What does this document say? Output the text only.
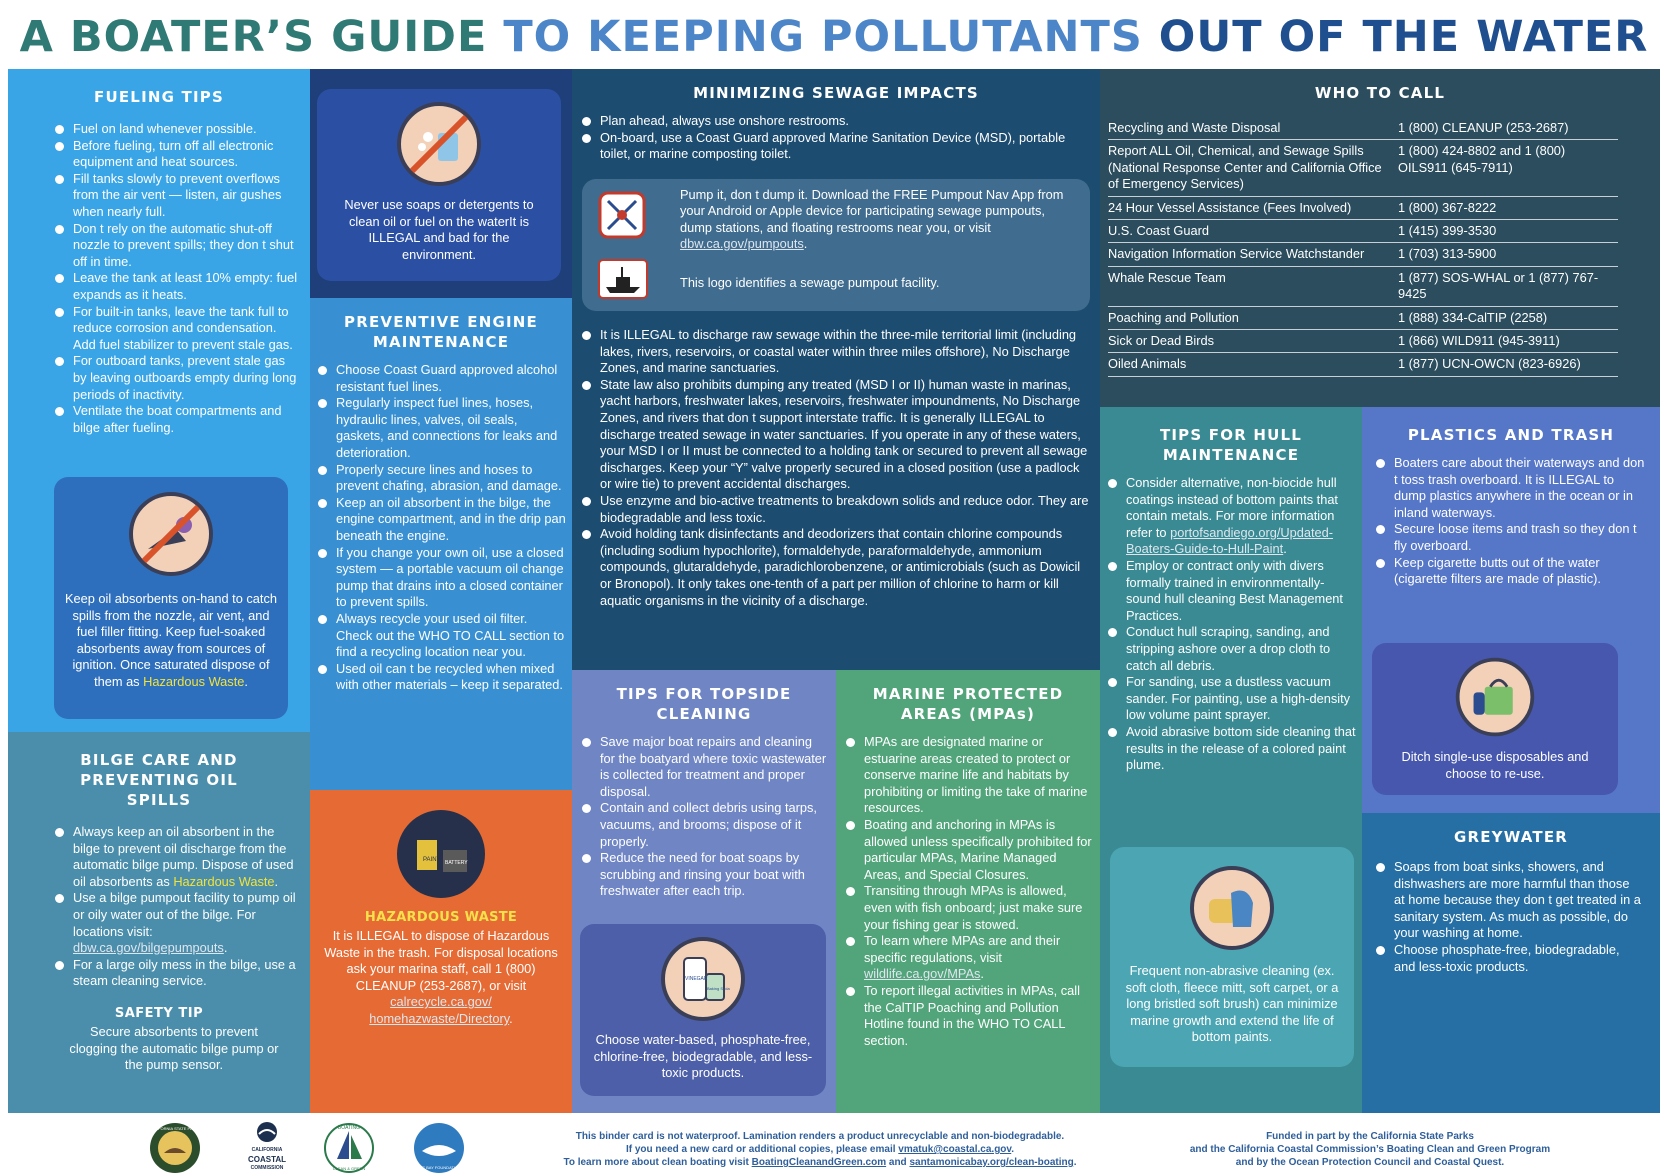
A BOATER’S GUIDE TO KEEPING POLLUTANTS OUT OF THE WATER
FUELING TIPS
Fuel on land whenever possible.
Before fueling, turn off all electronic equipment and heat sources.
Fill tanks slowly to prevent overflows from the air vent — listen, air gushes when nearly full.
Don t rely on the automatic shut-off nozzle to prevent spills; they don t shut off in time.
Leave the tank at least 10% empty: fuel expands as it heats.
For built-in tanks, leave the tank full to reduce corrosion and condensation. Add fuel stabilizer to prevent stale gas.
For outboard tanks, prevent stale gas by leaving outboards empty during long periods of inactivity.
Ventilate the boat compartments and bilge after fueling.
Keep oil absorbents on-hand to catch spills from the nozzle, air vent, and fuel filler fitting. Keep fuel-soaked absorbents away from sources of ignition. Once saturated dispose of them as Hazardous Waste.
BILGE CARE AND PREVENTING OIL SPILLS
Always keep an oil absorbent in the bilge to prevent oil discharge from the automatic bilge pump. Dispose of used oil absorbents as Hazardous Waste.
Use a bilge pumpout facility to pump oil or oily water out of the bilge. For locations visit: dbw.ca.gov/bilgepumpouts.
For a large oily mess in the bilge, use a steam cleaning service.
SAFETY TIP
Secure absorbents to prevent clogging the automatic bilge pump or the pump sensor.
Never use soaps or detergents to clean oil or fuel on the waterIt is ILLEGAL and bad for the environment.
PREVENTIVE ENGINE MAINTENANCE
Choose Coast Guard approved alcohol resistant fuel lines.
Regularly inspect fuel lines, hoses, hydraulic lines, valves, oil seals, gaskets, and connections for leaks and deterioration.
Properly secure lines and hoses to prevent chafing, abrasion, and damage.
Keep an oil absorbent in the bilge, the engine compartment, and in the drip pan beneath the engine.
If you change your own oil, use a closed system — a portable vacuum oil change pump that drains into a closed container to prevent spills.
Always recycle your used oil filter. Check out the WHO TO CALL section to find a recycling location near you.
Used oil can t be recycled when mixed with other materials – keep it separated.
PAINT BATTERY
HAZARDOUS WASTE
It is ILLEGAL to dispose of Hazardous Waste in the trash. For disposal locations ask your marina staff, call 1 (800) CLEANUP (253-2687), or visit calrecycle.ca.gov/ homehazwaste/Directory.
MINIMIZING SEWAGE IMPACTS
Plan ahead, always use onshore restrooms.
On-board, use a Coast Guard approved Marine Sanitation Device (MSD), portable toilet, or marine composting toilet.
Pump it, don t dump it. Download the FREE Pumpout Nav App from your Android or Apple device for participating sewage pumpouts, dump stations, and floating restrooms near you, or visit dbw.ca.gov/pumpouts.
This logo identifies a sewage pumpout facility.
It is ILLEGAL to discharge raw sewage within the three-mile territorial limit (including lakes, rivers, reservoirs, or coastal water within three miles offshore), No Discharge Zones, and marine sanctuaries.
State law also prohibits dumping any treated (MSD I or II) human waste in marinas, yacht harbors, freshwater lakes, reservoirs, freshwater impoundments, No Discharge Zones, and rivers that don t support interstate traffic. It is generally ILLEGAL to discharge treated sewage in water sanctuaries. If you operate in any of these waters, your MSD I or II must be connected to a holding tank or secured to prevent all sewage discharges. Keep your “Y” valve properly secured in a closed position (use a padlock or wire tie) to prevent accidental discharges.
Use enzyme and bio-active treatments to breakdown solids and reduce odor. They are biodegradable and less toxic.
Avoid holding tank disinfectants and deodorizers that contain chlorine compounds (including sodium hypochlorite), formaldehyde, paraformaldehyde, ammonium compounds, glutaraldehyde, paradichlorobenzene, or antimicrobials (such as Dowicil or Bronopol). It only takes one-tenth of a part per million of chlorine to harm or kill aquatic organisms in the vicinity of a discharge.
TIPS FOR TOPSIDE CLEANING
Save major boat repairs and cleaning for the boatyard where toxic wastewater is collected for treatment and proper disposal.
Contain and collect debris using tarps, vacuums, and brooms; dispose of it properly.
Reduce the need for boat soaps by scrubbing and rinsing your boat with freshwater after each trip.
VINEGAR
Baking Soda
Choose water-based, phosphate-free, chlorine-free, biodegradable, and less-toxic products.
MARINE PROTECTED AREAS (MPAs)
MPAs are designated marine or estuarine areas created to protect or conserve marine life and habitats by prohibiting or limiting the take of marine resources.
Boating and anchoring in MPAs is allowed unless specifically prohibited for particular MPAs, Marine Managed Areas, and Special Closures.
Transiting through MPAs is allowed, even with fish onboard; just make sure your fishing gear is stowed.
To learn where MPAs are and their specific regulations, visit wildlife.ca.gov/MPAs.
To report illegal activities in MPAs, call the CalTIP Poaching and Pollution Hotline found in the WHO TO CALL section.
WHO TO CALL
Recycling and Waste Disposal	1 (800) CLEANUP (253-2687)
Report ALL Oil, Chemical, and Sewage Spills (National Response Center and California Office of Emergency Services)	1 (800) 424-8802 and 1 (800) OILS911 (645-7911)
24 Hour Vessel Assistance (Fees Involved)	1 (800) 367-8222
U.S. Coast Guard	1 (415) 399-3530
Navigation Information Service Watchstander	1 (703) 313-5900
Whale Rescue Team	1 (877) SOS-WHAL or 1 (877) 767-9425
Poaching and Pollution	1 (888) 334-CalTIP (2258)
Sick or Dead Birds	1 (866) WILD911 (945-3911)
Oiled Animals	1 (877) UCN-OWCN (823-6926)
TIPS FOR HULL MAINTENANCE
Consider alternative, non-biocide hull coatings instead of bottom paints that contain metals. For more information refer to portofsandiego.org/Updated-Boaters-Guide-to-Hull-Paint.
Employ or contract only with divers formally trained in environmentally-sound hull cleaning Best Management Practices.
Conduct hull scraping, sanding, and stripping ashore over a drop cloth to catch all debris.
For sanding, use a dustless vacuum sander. For painting, use a high-density low volume paint sprayer.
Avoid abrasive bottom side cleaning that results in the release of a colored paint plume.
Frequent non-abrasive cleaning (ex. soft cloth, fleece mitt, soft carpet, or a long bristled soft brush) can minimize marine growth and extend the life of bottom paints.
PLASTICS AND TRASH
Boaters care about their waterways and don t toss trash overboard. It is ILLEGAL to dump plastics anywhere in the ocean or in inland waterways.
Secure loose items and trash so they don t fly overboard.
Keep cigarette butts out of the water (cigarette filters are made of plastic).
Ditch single-use disposables and choose to re-use.
GREYWATER
Soaps from boat sinks, showers, and dishwashers are more harmful than those at home because they don t get treated in a sanitary system. As much as possible, do your washing at home.
Choose phosphate-free, biodegradable, and less-toxic products.
CALIFORNIA STATE PARKS
CALIFORNIA
COASTAL
COMMISSION
BOATING
CLEAN & GREEN	THE BAY FOUNDATION
This binder card is not waterproof. Lamination renders a product unrecyclable and non-biodegradable.
If you need a new card or additional copies, please email vmatuk@coastal.ca.gov.
To learn more about clean boating visit BoatingCleanandGreen.com and santamonicabay.org/clean-boating.
Funded in part by the California State Parks
and the California Coastal Commission’s Boating Clean and Green Program
and by the Ocean Protection Council and Coastal Quest.
